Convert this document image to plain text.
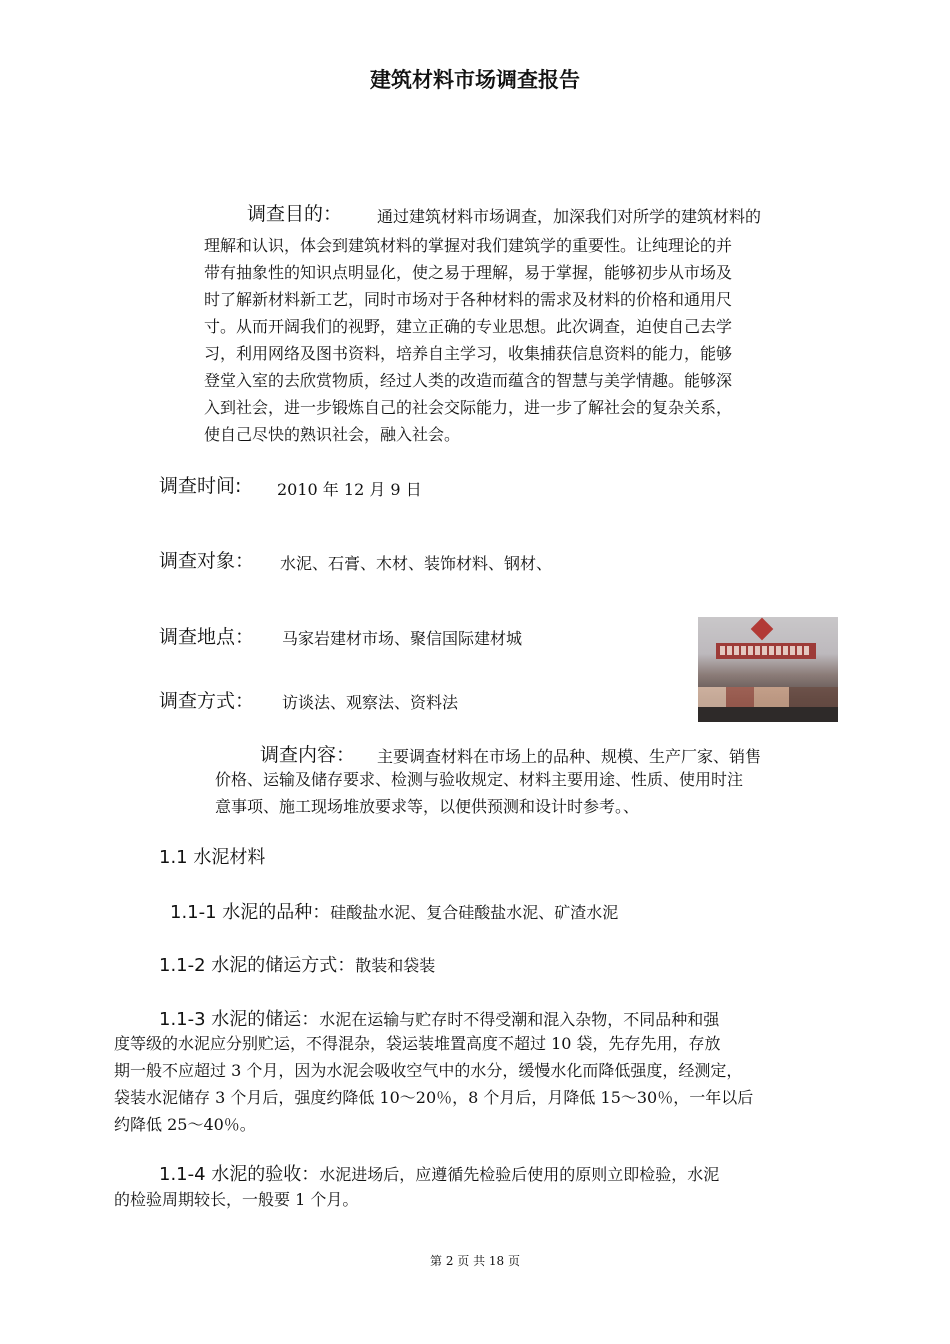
建筑材料市场调查报告
调查目的： 通过建筑材料市场调查，加深我们对所学的建筑材料的
理解和认识，体会到建筑材料的掌握对我们建筑学的重要性。让纯理论的并
带有抽象性的知识点明显化，使之易于理解，易于掌握，能够初步从市场及
时了解新材料新工艺，同时市场对于各种材料的需求及材料的价格和通用尺
寸。从而开阔我们的视野，建立正确的专业思想。此次调查，迫使自己去学
习，利用网络及图书资料，培养自主学习，收集捕获信息资料的能力，能够
登堂入室的去欣赏物质，经过人类的改造而蕴含的智慧与美学情趣。能够深
入到社会，进一步锻炼自己的社会交际能力，进一步了解社会的复杂关系，
使自己尽快的熟识社会，融入社会。
调查时间: 2010 年 12 月 9 日
调查对象： 水泥、石膏、木材、装饰材料、钢材、
调查地点： 马家岩建材市场、聚信国际建材城
调查方式： 访谈法、观察法、资料法
调查内容： 主要调查材料在市场上的品种、规模、生产厂家、销售
价格、运输及储存要求、检测与验收规定、材料主要用途、性质、使用时注
意事项、施工现场堆放要求等，以便供预测和设计时参考。、
1.1 水泥材料
1.1-1 水泥的品种：硅酸盐水泥、复合硅酸盐水泥、矿渣水泥
1.1-2 水泥的储运方式：散装和袋装
1.1-3 水泥的储运：水泥在运输与贮存时不得受潮和混入杂物，不同品种和强
度等级的水泥应分别贮运，不得混杂，袋运装堆置高度不超过 10 袋，先存先用，存放
期一般不应超过 3 个月，因为水泥会吸收空气中的水分，缓慢水化而降低强度，经测定，
袋装水泥储存 3 个月后，强度约降低 10～20％，8 个月后，月降低 15～30％，一年以后
约降低 25～40％。
1.1-4 水泥的验收：水泥进场后，应遵循先检验后使用的原则立即检验，水泥
的检验周期较长，一般要 1 个月。
第 2 页 共 18 页
